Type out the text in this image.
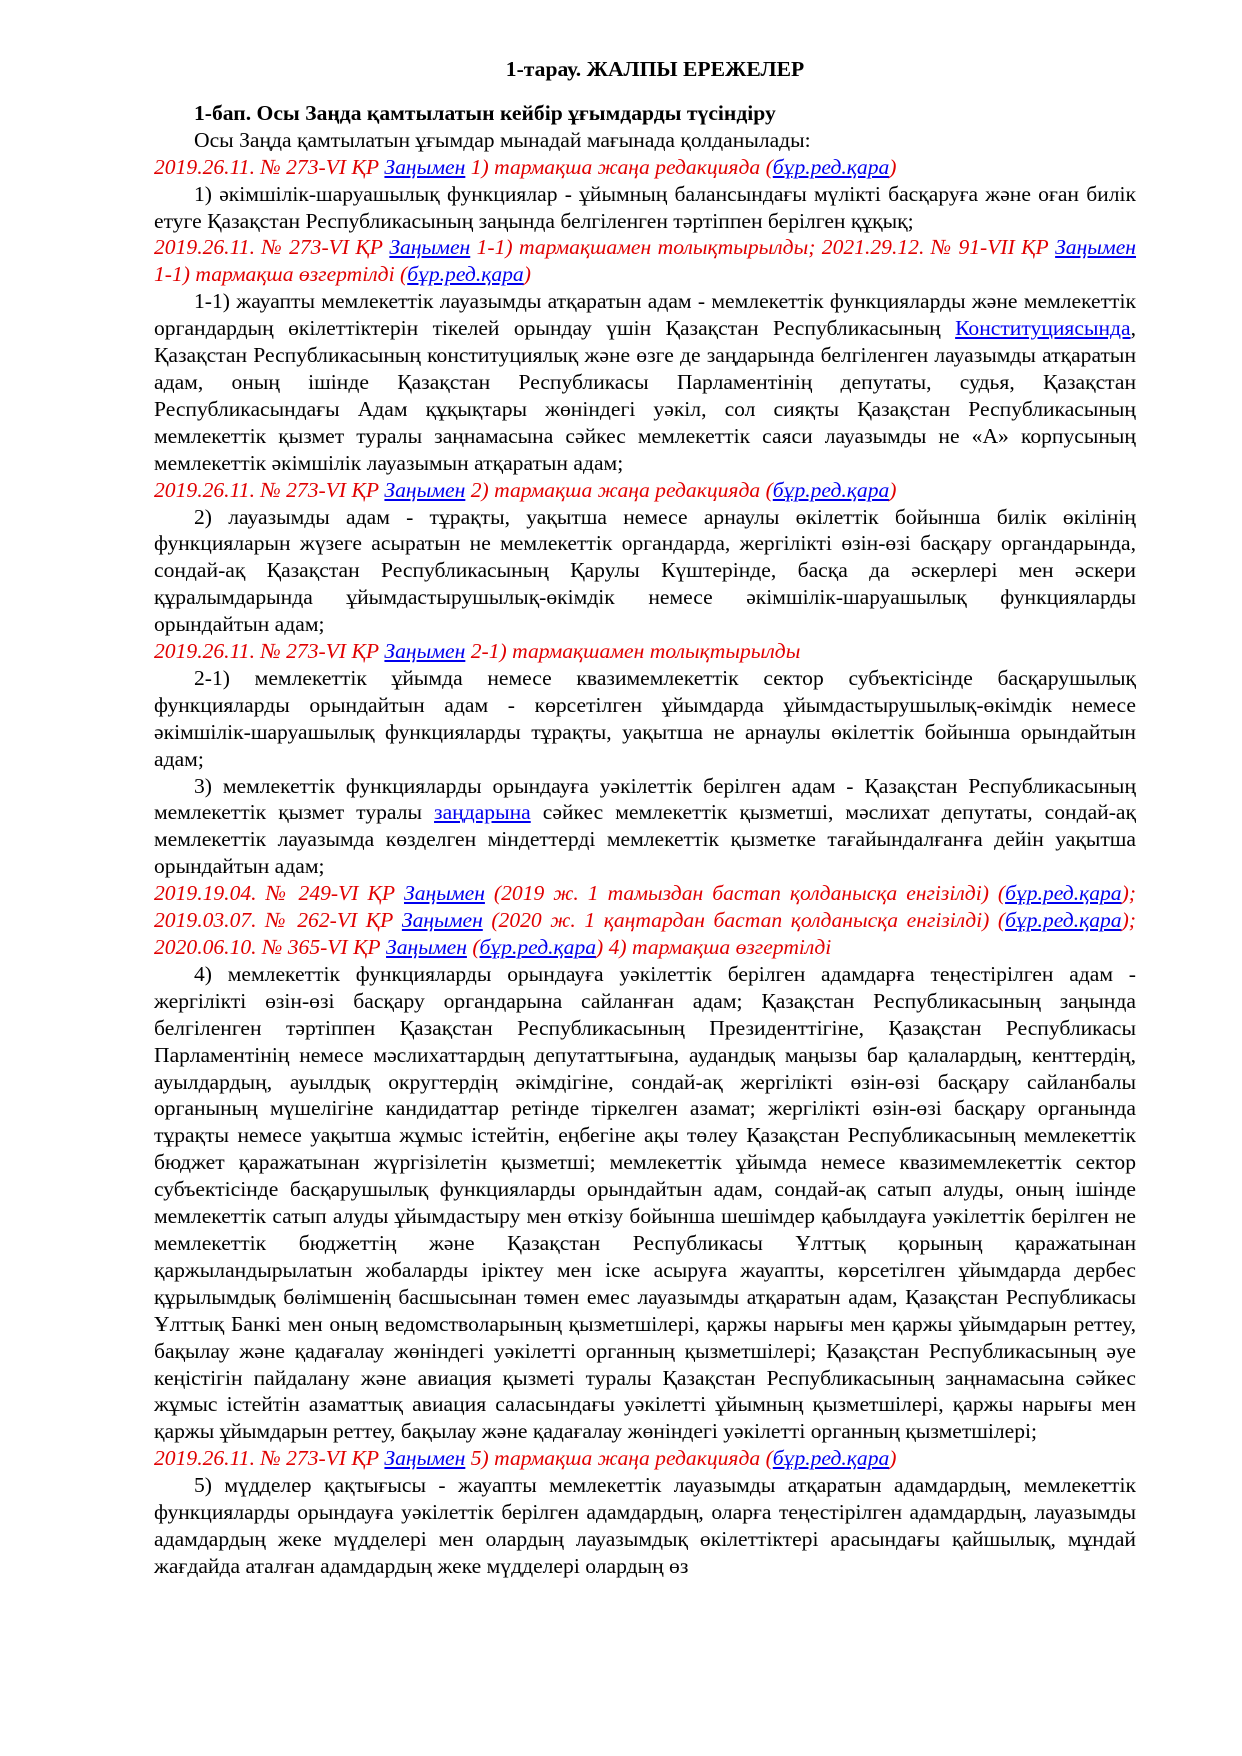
1-тарау. ЖАЛПЫ ЕРЕЖЕЛЕР

1-бап. Осы Заңда қамтылатын кейбір ұғымдарды түсіндіру

Осы Заңда қамтылатын ұғымдар мынадай мағынада қолданылады:

2019.26.11. № 273-VI ҚР Заңымен 1) тармақша жаңа редакцияда (бұр.ред.қара)

1) әкімшілік-шаруашылық функциялар - ұйымның балансындағы мүлікті басқаруға және оған билік етуге Қазақстан Республикасының заңында белгіленген тәртіппен берілген құқық;

2019.26.11. № 273-VI ҚР Заңымен 1-1) тармақшамен толықтырылды; 2021.29.12. № 91-VII ҚР Заңымен 1-1) тармақша өзгертілді (бұр.ред.қара)

1-1) жауапты мемлекеттік лауазымды атқаратын адам - мемлекеттік функцияларды және мемлекеттік органдардың өкілеттіктерін тікелей орындау үшін Қазақстан Республикасының Конституциясында, Қазақстан Республикасының конституциялық және өзге де заңдарында белгіленген лауазымды атқаратын адам, оның ішінде Қазақстан Республикасы Парламентінің депутаты, судья, Қазақстан Республикасындағы Адам құқықтары жөніндегі уәкіл, сол сияқты Қазақстан Республикасының мемлекеттік қызмет туралы заңнамасына сәйкес мемлекеттік саяси лауазымды не «А» корпусының мемлекеттік әкімшілік лауазымын атқаратын адам;

2019.26.11. № 273-VI ҚР Заңымен 2) тармақша жаңа редакцияда (бұр.ред.қара)

2) лауазымды адам - тұрақты, уақытша немесе арнаулы өкілеттік бойынша билік өкілінің функцияларын жүзеге асыратын не мемлекеттік органдарда, жергілікті өзін-өзі басқару органдарында, сондай-ақ Қазақстан Республикасының Қарулы Күштерінде, басқа да әскерлері мен әскери құралымдарында ұйымдастырушылық-өкімдік немесе әкімшілік-шаруашылық функцияларды орындайтын адам;

2019.26.11. № 273-VI ҚР Заңымен 2-1) тармақшамен толықтырылды

2-1) мемлекеттік ұйымда немесе квазимемлекеттік сектор субъектісінде басқарушылық функцияларды орындайтын адам - көрсетілген ұйымдарда ұйымдастырушылық-өкімдік немесе әкімшілік-шаруашылық функцияларды тұрақты, уақытша не арнаулы өкілеттік бойынша орындайтын адам;

3) мемлекеттік функцияларды орындауға уәкілеттік берілген адам - Қазақстан Республикасының мемлекеттік қызмет туралы заңдарына сәйкес мемлекеттік қызметші, мәслихат депутаты, сондай-ақ мемлекеттік лауазымда көзделген міндеттерді мемлекеттік қызметке тағайындалғанға дейін уақытша орындайтын адам;

2019.19.04. № 249-VI ҚР Заңымен (2019 ж. 1 тамыздан бастап қолданысқа енгізілді) (бұр.ред.қара); 2019.03.07. № 262-VI ҚР Заңымен (2020 ж. 1 қаңтардан бастап қолданысқа енгізілді) (бұр.ред.қара); 2020.06.10. № 365-VI ҚР Заңымен (бұр.ред.қара) 4) тармақша өзгертілді

4) мемлекеттік функцияларды орындауға уәкілеттік берілген адамдарға теңестірілген адам - жергілікті өзін-өзі басқару органдарына сайланған адам; Қазақстан Республикасының заңында белгіленген тәртіппен Қазақстан Республикасының Президенттігіне, Қазақстан Республикасы Парламентінің немесе мәслихаттардың депутаттығына, аудандық маңызы бар қалалардың, кенттердің, ауылдардың, ауылдық округтердің әкімдігіне, сондай-ақ жергілікті өзін-өзі басқару сайланбалы органының мүшелігіне кандидаттар ретінде тіркелген азамат; жергілікті өзін-өзі басқару органында тұрақты немесе уақытша жұмыс істейтін, еңбегіне ақы төлеу Қазақстан Республикасының мемлекеттік бюджет қаражатынан жүргізілетін қызметші; мемлекеттік ұйымда немесе квазимемлекеттік сектор субъектісінде басқарушылық функцияларды орындайтын адам, сондай-ақ сатып алуды, оның ішінде мемлекеттік сатып алуды ұйымдастыру мен өткізу бойынша шешімдер қабылдауға уәкілеттік берілген не мемлекеттік бюджеттің және Қазақстан Республикасы Ұлттық қорының қаражатынан қаржыландырылатын жобаларды іріктеу мен іске асыруға жауапты, көрсетілген ұйымдарда дербес құрылымдық бөлімшенің басшысынан төмен емес лауазымды атқаратын адам, Қазақстан Республикасы Ұлттық Банкі мен оның ведомстволарының қызметшілері, қаржы нарығы мен қаржы ұйымдарын реттеу, бақылау және қадағалау жөніндегі уәкілетті органның қызметшілері; Қазақстан Республикасының әуе кеңістігін пайдалану және авиация қызметі туралы Қазақстан Республикасының заңнамасына сәйкес жұмыс істейтін азаматтық авиация саласындағы уәкілетті ұйымның қызметшілері, қаржы нарығы мен қаржы ұйымдарын реттеу, бақылау және қадағалау жөніндегі уәкілетті органның қызметшілері;

2019.26.11. № 273-VI ҚР Заңымен 5) тармақша жаңа редакцияда (бұр.ред.қара)

5) мүдделер қақтығысы - жауапты мемлекеттік лауазымды атқаратын адамдардың, мемлекеттік функцияларды орындауға уәкілеттік берілген адамдардың, оларға теңестірілген адамдардың, лауазымды адамдардың жеке мүдделері мен олардың лауазымдық өкілеттіктері арасындағы қайшылық, мұндай жағдайда аталған адамдардың жеке мүдделері олардың өз
